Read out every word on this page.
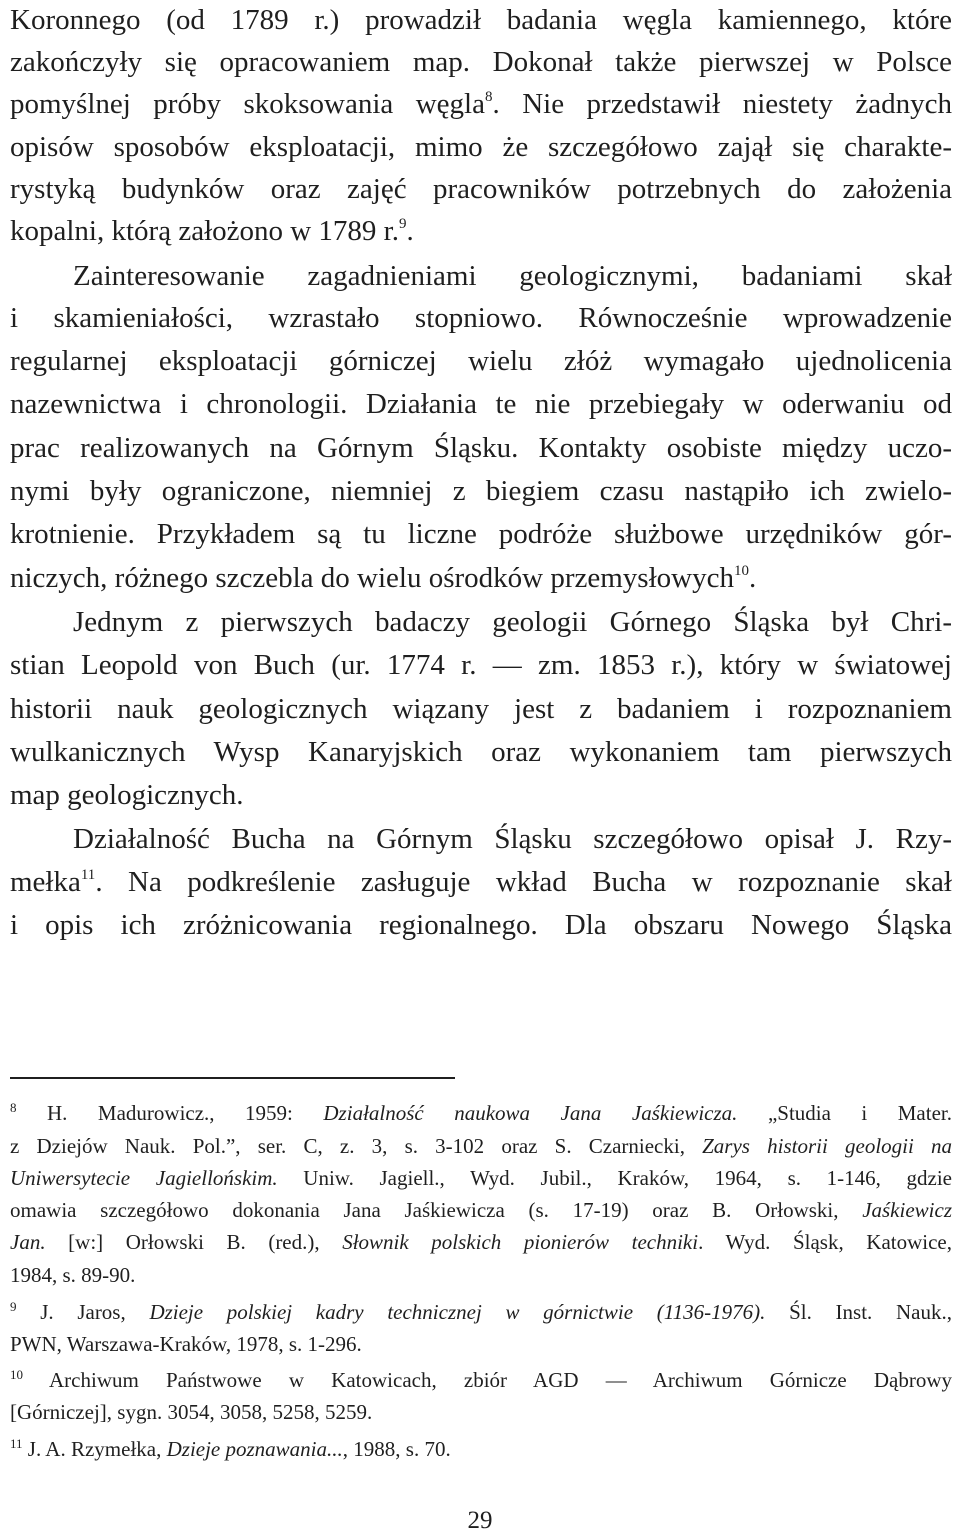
Koronnego (od 1789 r.) prowadził badania węgla kamiennego, które
zakończyły się opracowaniem map. Dokonał także pierwszej w Polsce
pomyślnej próby skoksowania węgla$^8$. Nie przedstawił niestety żadnych
opisów sposobów eksploatacji, mimo że szczegółowo zajął się charakte-
rystyką budynków oraz zajęć pracowników potrzebnych do założenia
kopalni, którą założono w 1789 r.$^9$.
Zainteresowanie zagadnieniami geologicznymi, badaniami skał
i skamieniałości, wzrastało stopniowo. Równocześnie wprowadzenie
regularnej eksploatacji górniczej wielu złóż wymagało ujednolicenia
nazewnictwa i chronologii. Działania te nie przebiegały w oderwaniu od
prac realizowanych na Górnym Śląsku. Kontakty osobiste między uczo-
nymi były ograniczone, niemniej z biegiem czasu nastąpiło ich zwielo-
krotnienie. Przykładem są tu liczne podróże służbowe urzędników gór-
niczych, różnego szczebla do wielu ośrodków przemysłowych$^{10}$.
Jednym z pierwszych badaczy geologii Górnego Śląska był Chri-
stian Leopold von Buch (ur. 1774 r. — zm. 1853 r.), który w światowej
historii nauk geologicznych wiązany jest z badaniem i rozpoznaniem
wulkanicznych Wysp Kanaryjskich oraz wykonaniem tam pierwszych
map geologicznych.
Działalność Bucha na Górnym Śląsku szczegółowo opisał J. Rzy-
mełka$^{11}$. Na podkreślenie zasługuje wkład Bucha w rozpoznanie skał
i opis ich zróżnicowania regionalnego. Dla obszaru Nowego Śląska
$^8$ H. Madurowicz., 1959: Działalność naukowa Jana Jaśkiewicza. „Studia i Mater.
z Dziejów Nauk. Pol.”, ser. C, z. 3, s. 3-102 oraz S. Czarniecki, Zarys historii geologii na
Uniwersytecie Jagiellońskim. Uniw. Jagiell., Wyd. Jubil., Kraków, 1964, s. 1-146, gdzie
omawia szczegółowo dokonania Jana Jaśkiewicza (s. 17-19) oraz B. Orłowski, Jaśkiewicz
Jan. [w:] Orłowski B. (red.), Słownik polskich pionierów techniki. Wyd. Śląsk, Katowice,
1984, s. 89-90.
$^9$ J. Jaros, Dzieje polskiej kadry technicznej w górnictwie (1136-1976). Śl. Inst. Nauk.,
PWN, Warszawa-Kraków, 1978, s. 1-296.
$^{10}$ Archiwum Państwowe w Katowicach, zbiór AGD — Archiwum Górnicze Dąbrowy
[Górniczej], sygn. 3054, 3058, 5258, 5259.
$^{11}$ J. A. Rzymełka, Dzieje poznawania..., 1988, s. 70.
29
